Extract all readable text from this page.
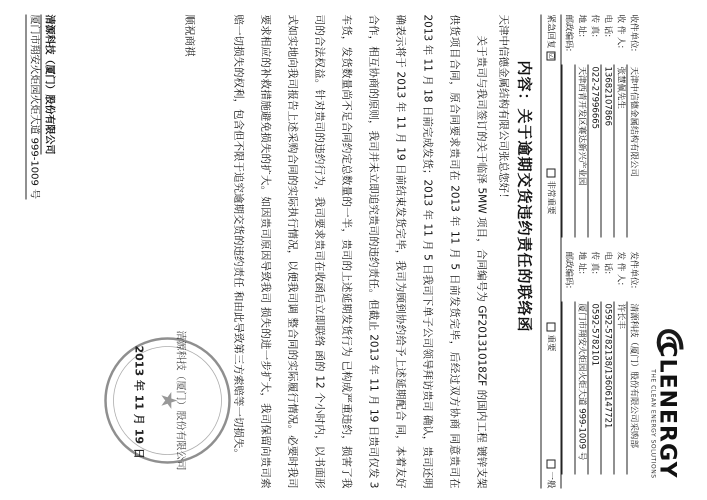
CLENERGY
THE CLEAN ENERGY SOLUTIONS
收件单位:
天津中信德金属结构有限公司
发件单位:
清源科技（厦门）股份有限公司采购部
收 件 人:
张慧佩先生
发 件 人:
许长丰
电 话:
13682107866
电 话:
0592-5782138/13606147721
传 真:
022-27996665
传 真:
0592-5782101
地 址:
天津西青开发区赛达新兴产业园
地 址:
厦门市翔安火炬园火炬大道 999-1009 号
邮政编码:
邮政编码:
紧急回复
☑
非常重要
重要
一般
内容：关于逾期交货违约责任的联络函
天津中信德金属结构有限公司张总您好！

关于贵司与我司签订的关于临泽 5MW 项目，合同编号为 GF20131018ZF 的国内工程 镀锌支架供货项目合同，原合同要求贵司在 2013 年 11 月 5 日前发货完毕，后经过双方协商 同意贵司在 2013 年 11 月 18 日前完成发货；2013 年 11 月 5 日我司下单子公司领导拜访贵司 确认，贵司还明确表示将于 2013 年 11 月 19 日前结束发货完毕，我司为顾到协约给予上述延期配合 同，本着友好合作，相互协商的原则，我司并未立即追究贵司的违约责任。但截止 2013 年 11 月 19 日贵司仅发 3 车货，发货数量尚不足合同约定总数量的一半，贵司的上述延期发货行为 已构成严重违约，损害了我司的合法权益。针对贵司的违约行为，我司要求贵司在收函后立即联络 函的 12 个小时内，以书面形式如实地向我司报告上述采购合同的实际执行情况，以便我司调 整合同的实际履行情况。必要时我司要求相应的补救措施避免损失的扩大。如因贵司原因导致我司 损失的进一步扩大，我司保留向贵司索赔一切损失的权利，包含但不限于追究逾期交货的违约责任 和由此导致第三方索赔等一切损失。

顺祝商祺
★
清源科技（厦门）股份有限公司
2013 年 11 月 19 日
清源科技（厦门）股份有限公司
厦门市翔安火炬园火炬大道 999-1009 号
